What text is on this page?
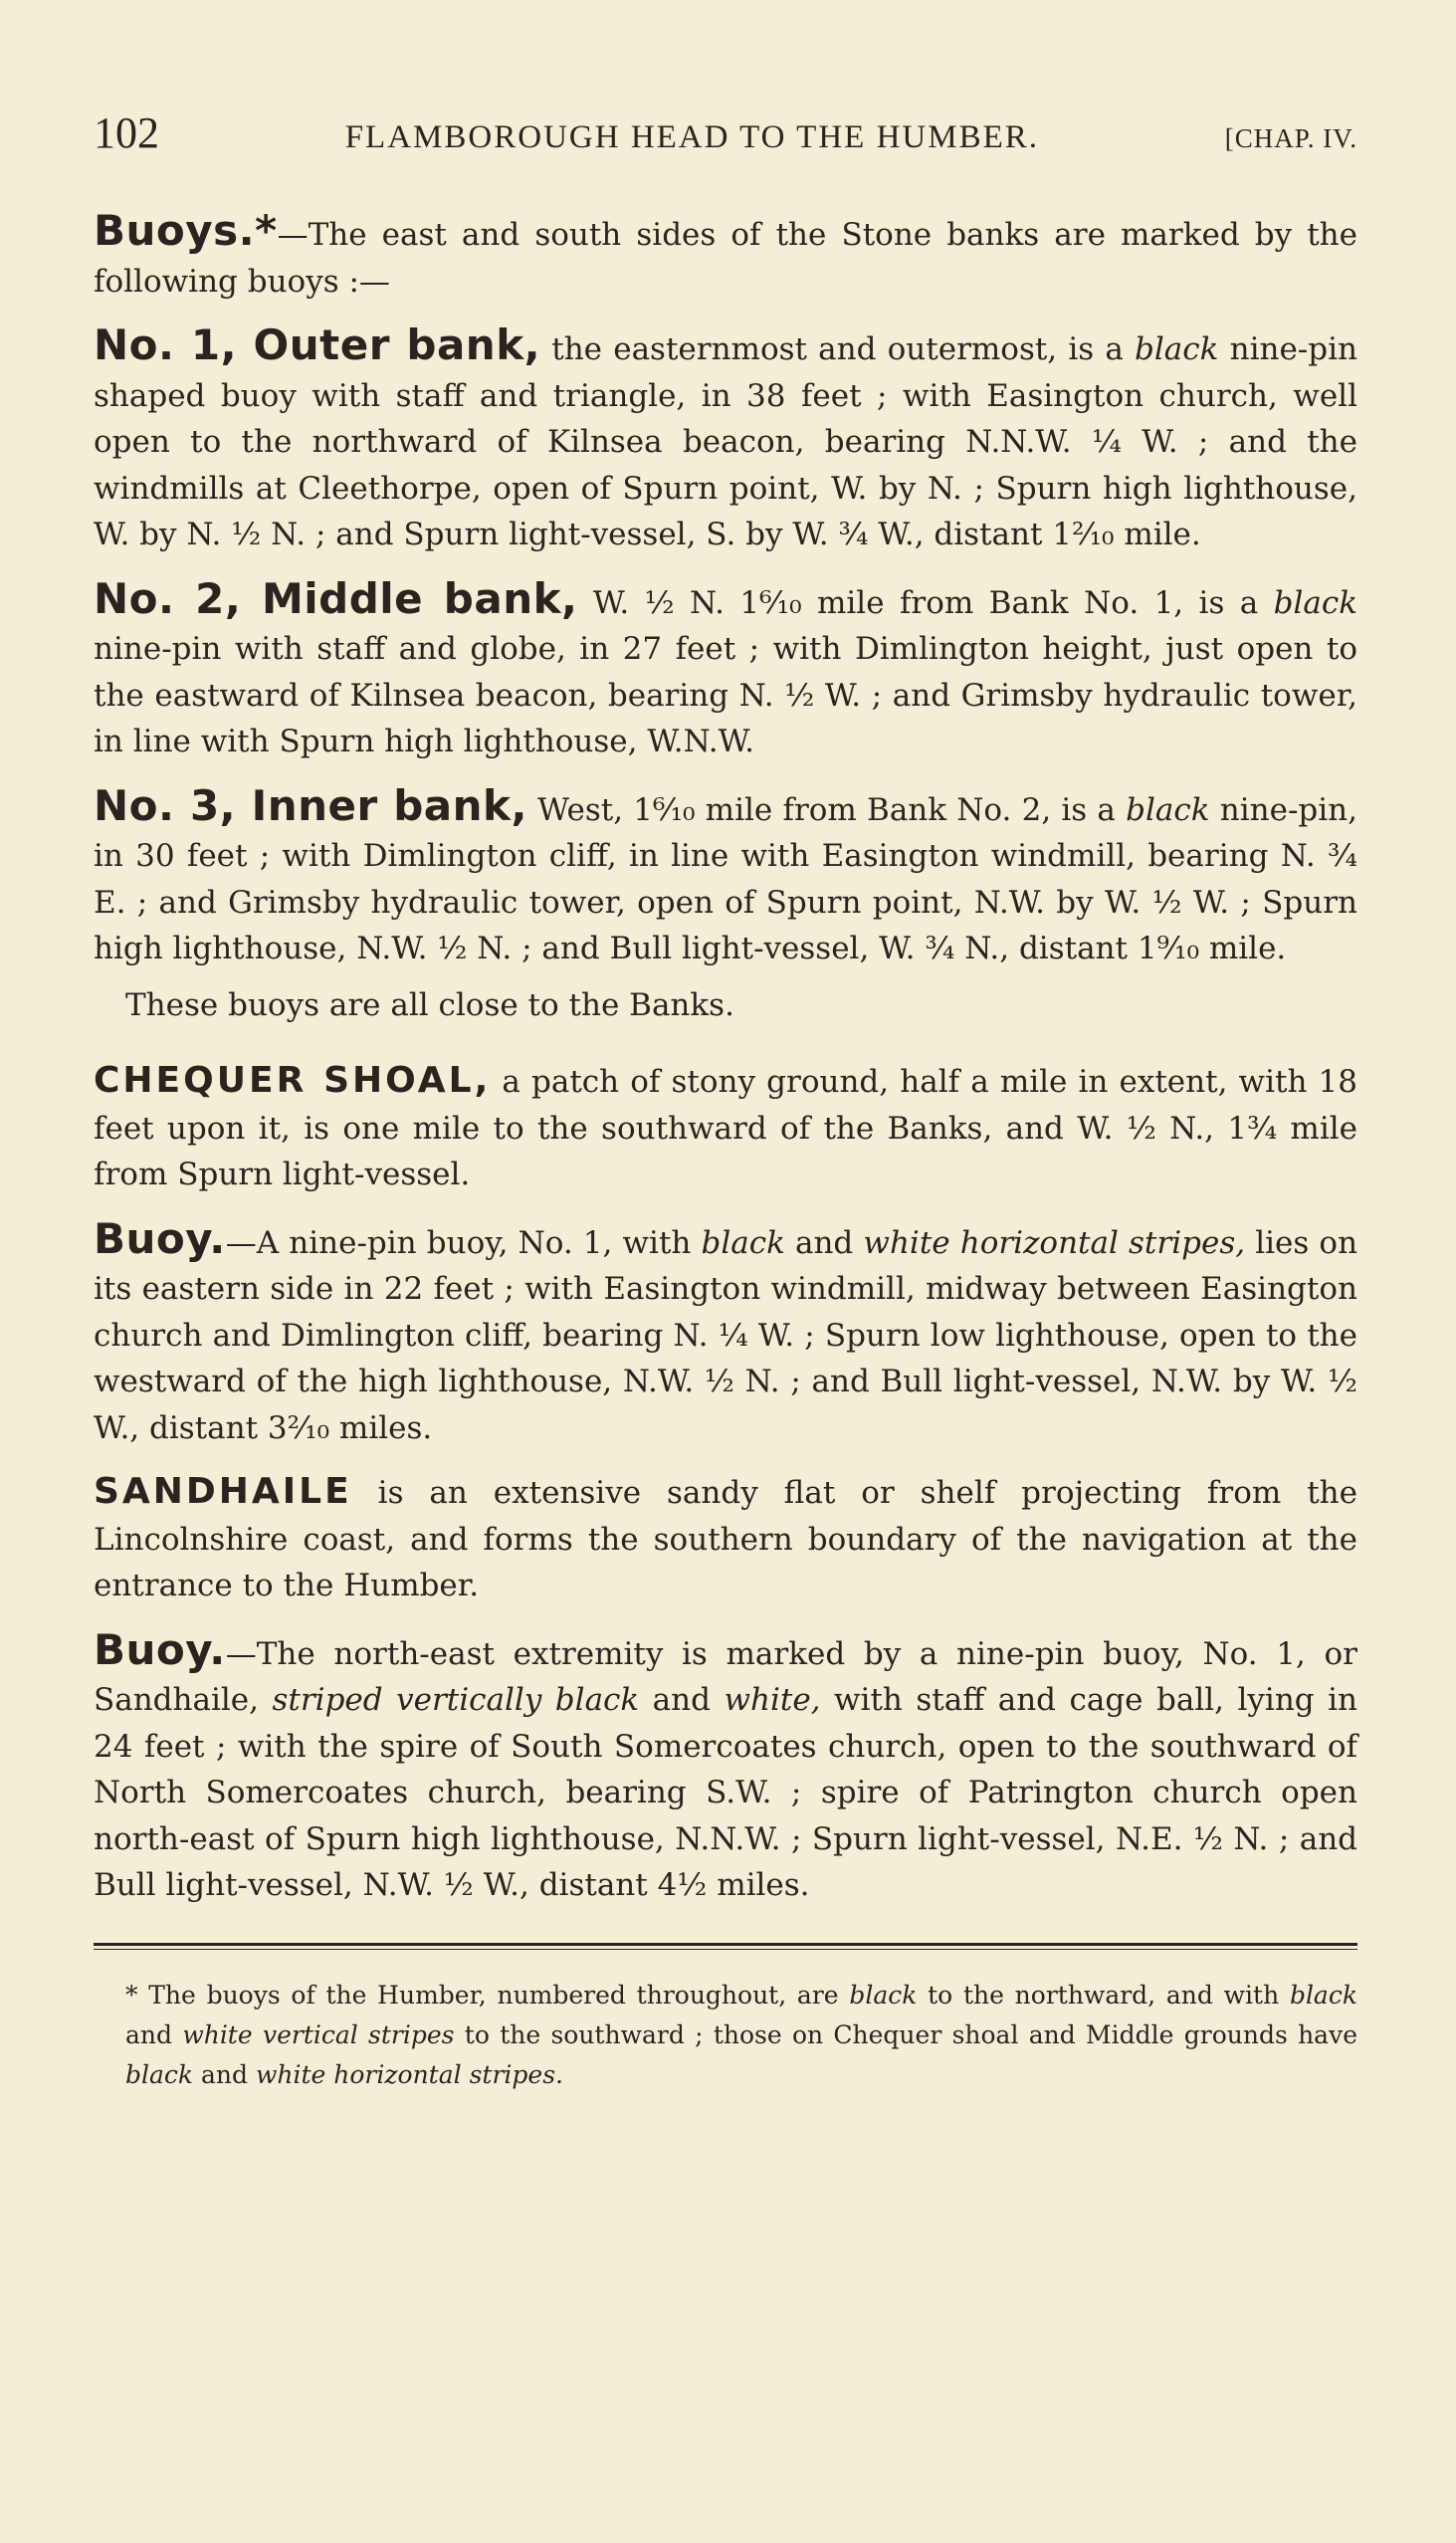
102	FLAMBOROUGH HEAD TO THE HUMBER.	[CHAP. IV.

Buoys.*—The east and south sides of the Stone banks are marked by the following buoys :—

No. 1, Outer bank, the easternmost and outermost, is a black nine-pin shaped buoy with staff and triangle, in 38 feet ; with Easington church, well open to the northward of Kilnsea beacon, bearing N.N.W. ¼ W. ; and the windmills at Cleethorpe, open of Spurn point, W. by N. ; Spurn high lighthouse, W. by N. ½ N. ; and Spurn light-vessel, S. by W. ¾ W., distant 1²⁄₁₀ mile.

No. 2, Middle bank, W. ½ N. 1⁶⁄₁₀ mile from Bank No. 1, is a black nine-pin with staff and globe, in 27 feet ; with Dimlington height, just open to the eastward of Kilnsea beacon, bearing N. ½ W. ; and Grimsby hydraulic tower, in line with Spurn high lighthouse, W.N.W.

No. 3, Inner bank, West, 1⁶⁄₁₀ mile from Bank No. 2, is a black nine-pin, in 30 feet ; with Dimlington cliff, in line with Easington windmill, bearing N. ¾ E. ; and Grimsby hydraulic tower, open of Spurn point, N.W. by W. ½ W. ; Spurn high lighthouse, N.W. ½ N. ; and Bull light-vessel, W. ¾ N., distant 1⁹⁄₁₀ mile.

These buoys are all close to the Banks.

CHEQUER SHOAL, a patch of stony ground, half a mile in extent, with 18 feet upon it, is one mile to the southward of the Banks, and W. ½ N., 1¾ mile from Spurn light-vessel.

Buoy.—A nine-pin buoy, No. 1, with black and white horizontal stripes, lies on its eastern side in 22 feet ; with Easington windmill, midway between Easington church and Dimlington cliff, bearing N. ¼ W. ; Spurn low lighthouse, open to the westward of the high lighthouse, N.W. ½ N. ; and Bull light-vessel, N.W. by W. ½ W., distant 3²⁄₁₀ miles.

SANDHAILE is an extensive sandy flat or shelf projecting from the Lincolnshire coast, and forms the southern boundary of the navigation at the entrance to the Humber.

Buoy.—The north-east extremity is marked by a nine-pin buoy, No. 1, or Sandhaile, striped vertically black and white, with staff and cage ball, lying in 24 feet ; with the spire of South Somercoates church, open to the southward of North Somercoates church, bearing S.W. ; spire of Patrington church open north-east of Spurn high lighthouse, N.N.W. ; Spurn light-vessel, N.E. ½ N. ; and Bull light-vessel, N.W. ½ W., distant 4½ miles.

* The buoys of the Humber, numbered throughout, are black to the northward, and with black and white vertical stripes to the southward ; those on Chequer shoal and Middle grounds have black and white horizontal stripes.
